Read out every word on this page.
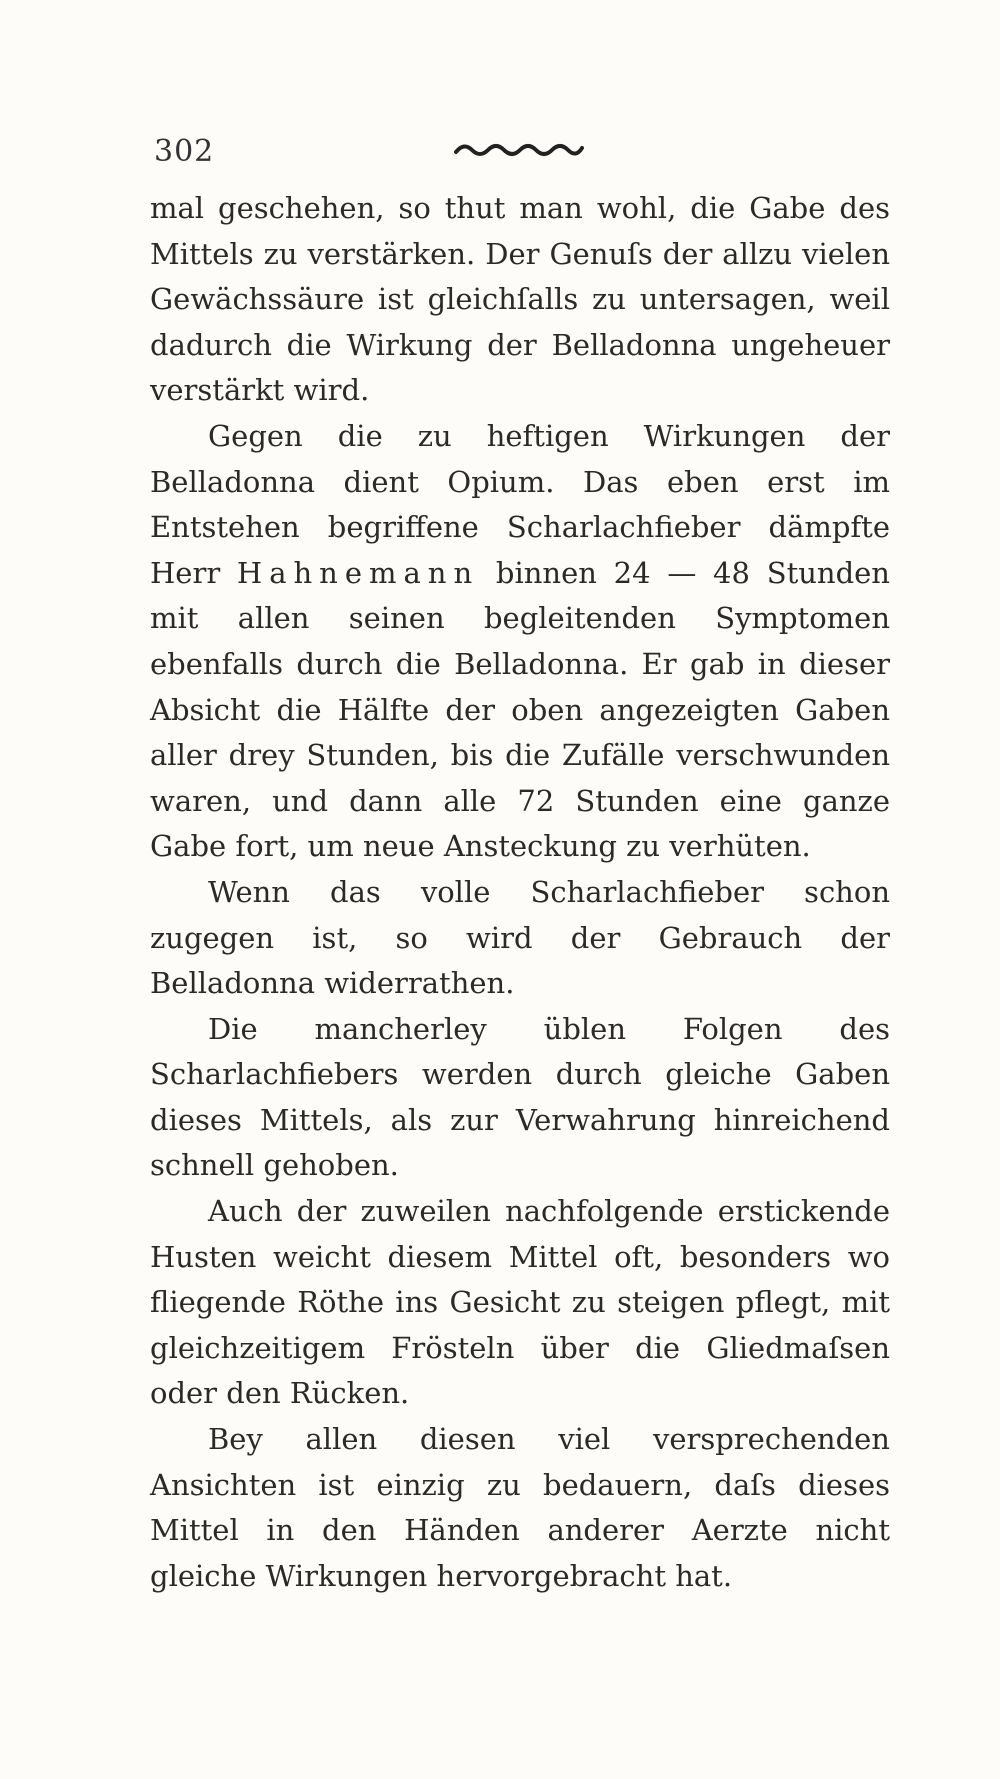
302

mal geschehen, so thut man wohl, die Gabe des Mittels zu verstärken. Der Genuſs der allzu vielen Gewächssäure ist gleichſalls zu untersagen, weil dadurch die Wirkung der Belladonna ungeheuer verstärkt wird.

Gegen die zu heftigen Wirkungen der Belladonna dient Opium. Das eben erst im Entstehen begriffene Scharlachfieber dämpfte Herr Hahnemann binnen 24 — 48 Stunden mit allen seinen begleitenden Symptomen ebenfalls durch die Belladonna. Er gab in dieser Absicht die Hälfte der oben angezeigten Gaben aller drey Stunden, bis die Zufälle verschwunden waren, und dann alle 72 Stunden eine ganze Gabe fort, um neue Ansteckung zu verhüten.

Wenn das volle Scharlachfieber schon zugegen ist, so wird der Gebrauch der Belladonna widerrathen.

Die mancherley üblen Folgen des Scharlachfiebers werden durch gleiche Gaben dieses Mittels, als zur Verwahrung hinreichend schnell gehoben.

Auch der zuweilen nachfolgende erstickende Husten weicht diesem Mittel oft, besonders wo fliegende Röthe ins Gesicht zu steigen pflegt, mit gleichzeitigem Frösteln über die Gliedmaſsen oder den Rücken.

Bey allen diesen viel versprechenden Ansichten ist einzig zu bedauern, daſs dieses Mittel in den Händen anderer Aerzte nicht gleiche Wirkungen hervorgebracht hat.
